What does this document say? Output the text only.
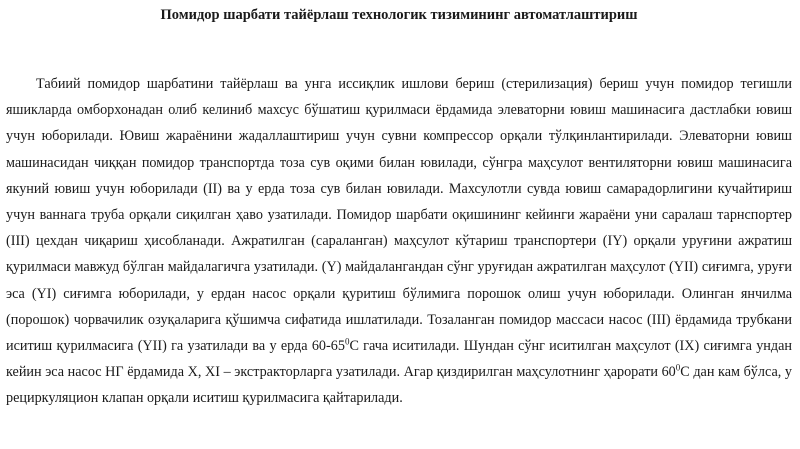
Помидор шарбати тайёрлаш технологик тизимининг автоматлаштириш

Табиий помидор шарбатини тайёрлаш ва унга иссиқлик ишлови бериш (стерилизация) бериш учун помидор тегишли яшикларда омборхонадан олиб келиниб махсус бўшатиш қурилмаси ёрдамида элеваторни ювиш машинасига дастлабки ювиш учун юборилади. Ювиш жараёнини жадаллаштириш учун сувни компрессор орқали тўлқинлантирилади. Элеваторни ювиш машинасидан чиққан помидор транспортда тоза сув оқими билан ювилади, сўнгра маҳсулот вентиляторни ювиш машинасига якуний ювиш учун юборилади (II) ва у ерда тоза сув билан ювилади. Махсулотли сувда ювиш самарадорлигини кучайтириш учун ваннага труба орқали сиқилган ҳаво узатилади. Помидор шарбати оқишининг кейинги жараёни уни саралаш тарнспортер (III) цехдан чиқариш ҳисобланади. Ажратилган (сараланган) маҳсулот кўтариш транспортери (IY) орқали уруғини ажратиш қурилмаси мавжуд бўлган майдалагичга узатилади. (Y) майдалангандан сўнг уруғидан ажратилган маҳсулот (YII) сиғимга, уруғи эса (YI) сиғимга юборилади, у ердан насос орқали қуритиш бўлимига порошок олиш учун юборилади. Олинган янчилма (порошок) чорвачилик озуқаларига қўшимча сифатида ишлатилади. Тозаланган помидор массаси насос (III) ёрдамида трубкани иситиш қурилмасига (YII) га узатилади ва у ерда $60-65^0С$ гача иситилади. Шундан сўнг иситилган маҳсулот (IX) сиғимга ундан кейин эса насос НГ ёрдамида X, XI – экстракторларга узатилади. Агар қиздирилган маҳсулотнинг ҳарорати $60^0С$ дан кам бўлса, у рециркуляцион клапан орқали иситиш қурилмасига қайтарилади.
